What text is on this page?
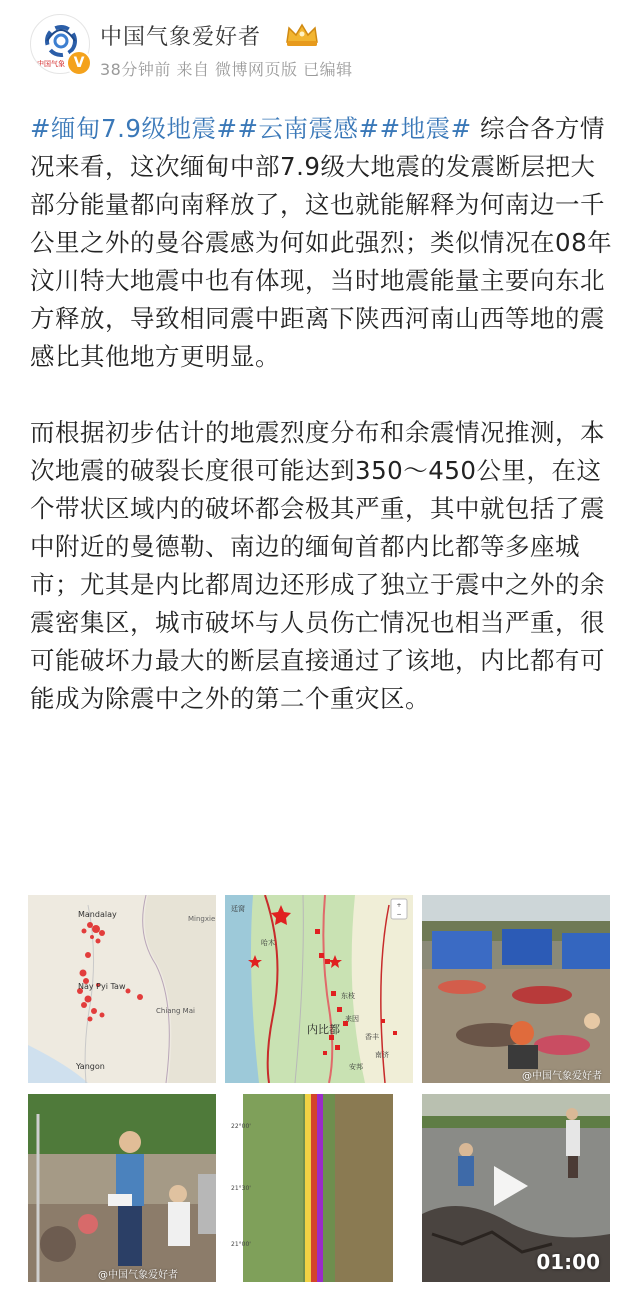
中国气象 V
中国气象爱好者
38分钟前 来自 微博网页版 已编辑

#缅甸7.9级地震##云南震感##地震# 综合各方情况来看，这次缅甸中部7.9级大地震的发震断层把大部分能量都向南释放了，这也就能解释为何南边一千公里之外的曼谷震感为何如此强烈；类似情况在08年汶川特大地震中也有体现，当时地震能量主要向东北方释放，导致相同震中距离下陕西河南山西等地的震感比其他地方更明显。

而根据初步估计的地震烈度分布和余震情况推测，本次地震的破裂长度很可能达到350～450公里，在这个带状区域内的破坏都会极其严重，其中就包括了震中附近的曼德勒、南边的缅甸首都内比都等多座城市；尤其是内比都周边还形成了独立于震中之外的余震密集区，城市破坏与人员伤亡情况也相当严重，很可能破坏力最大的断层直接通过了该地，内比都有可能成为除震中之外的第二个重灾区。

Mandalay
Nay Pyi Taw
Chiang Mai
Mingxie
Yangon
内比都
东枝
哈木
来因
香丰
南济
安邦
廷窝	+
−
@中国气象爱好者
@中国气象爱好者
22°00'
21°30'
21°00'
01:00
